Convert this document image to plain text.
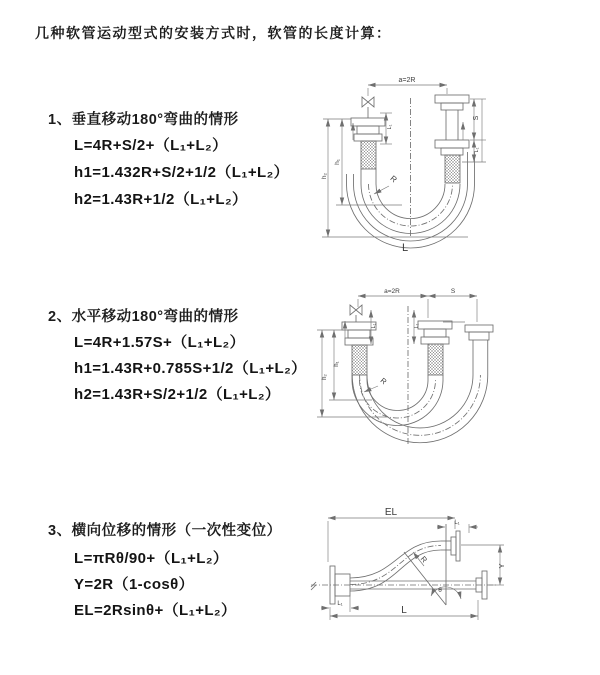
几种软管运动型式的安装方式时，软管的长度计算：
1、垂直移动180°弯曲的情形
L=4R+S/2+（L₁+L₂）
h1=1.432R+S/2+1/2（L₁+L₂）
h2=1.43R+1/2（L₁+L₂）
2、水平移动180°弯曲的情形
L=4R+1.57S+（L₁+L₂）
h1=1.43R+0.785S+1/2（L₁+L₂）
h2=1.43R+S/2+1/2（L₁+L₂）
3、横向位移的情形（一次性变位）
L=πRθ/90+（L₁+L₂）
Y=2R（1-cosθ）
EL=2Rsinθ+（L₁+L₂）
a=2R
h₁
h₂
S
L₁
L₁
R
L
a=2R	S
h₁
h₂
L₁	L₁
R
EL
L₁
L₁
L
Y
R
θ
